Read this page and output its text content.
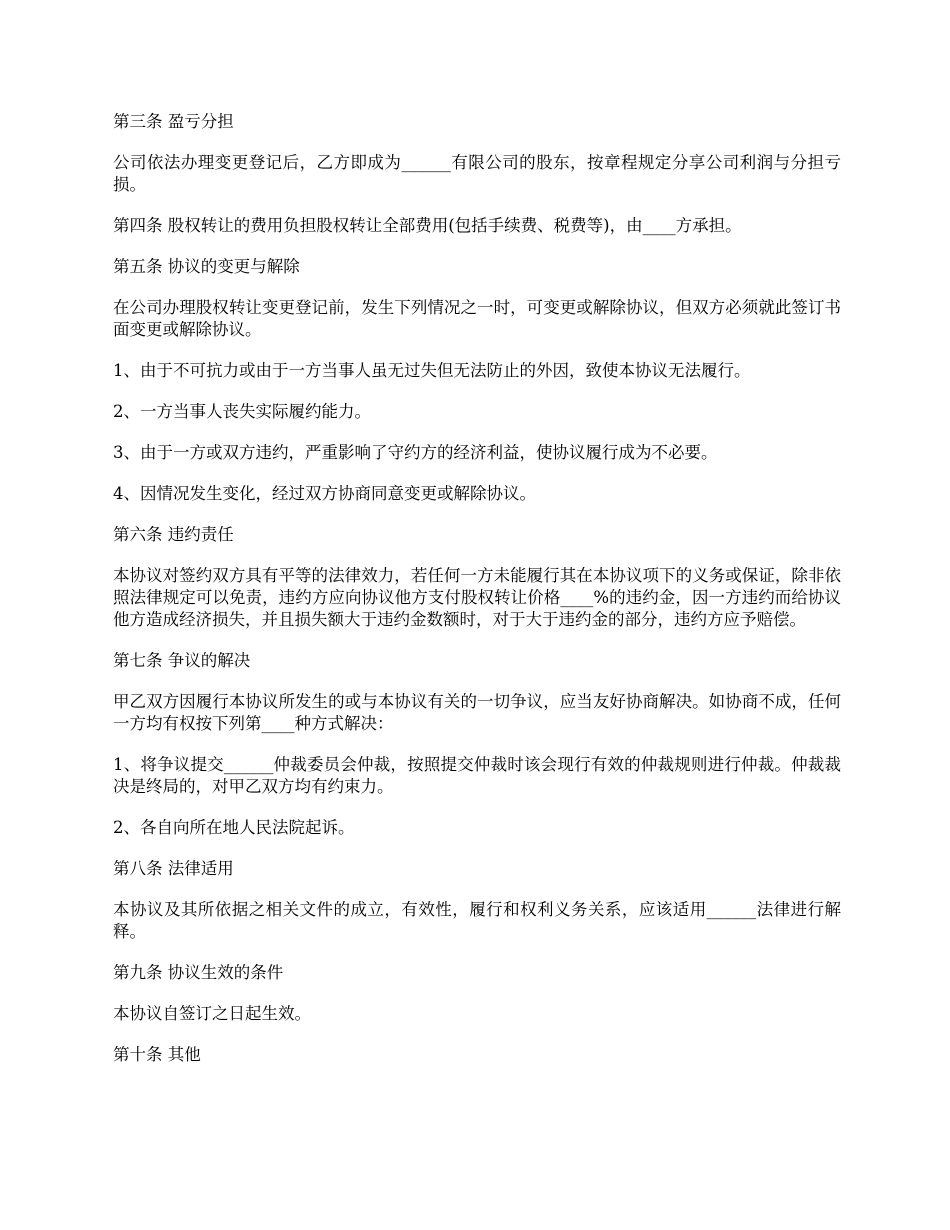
第三条 盈亏分担

公司依法办理变更登记后，乙方即成为______有限公司的股东，按章程规定分享公司利润与分担亏损。

第四条 股权转让的费用负担股权转让全部费用(包括手续费、税费等)，由____方承担。

第五条 协议的变更与解除

在公司办理股权转让变更登记前，发生下列情况之一时，可变更或解除协议，但双方必须就此签订书面变更或解除协议。

1、由于不可抗力或由于一方当事人虽无过失但无法防止的外因，致使本协议无法履行。

2、一方当事人丧失实际履约能力。

3、由于一方或双方违约，严重影响了守约方的经济利益，使协议履行成为不必要。

4、因情况发生变化，经过双方协商同意变更或解除协议。

第六条 违约责任

本协议对签约双方具有平等的法律效力，若任何一方未能履行其在本协议项下的义务或保证，除非依照法律规定可以免责，违约方应向协议他方支付股权转让价格____%的违约金，因一方违约而给协议他方造成经济损失，并且损失额大于违约金数额时，对于大于违约金的部分，违约方应予赔偿。

第七条 争议的解决

甲乙双方因履行本协议所发生的或与本协议有关的一切争议，应当友好协商解决。如协商不成，任何一方均有权按下列第____种方式解决：

1、将争议提交______仲裁委员会仲裁，按照提交仲裁时该会现行有效的仲裁规则进行仲裁。仲裁裁决是终局的，对甲乙双方均有约束力。

2、各自向所在地人民法院起诉。

第八条 法律适用

本协议及其所依据之相关文件的成立，有效性，履行和权利义务关系，应该适用______法律进行解释。

第九条 协议生效的条件

本协议自签订之日起生效。

第十条 其他
